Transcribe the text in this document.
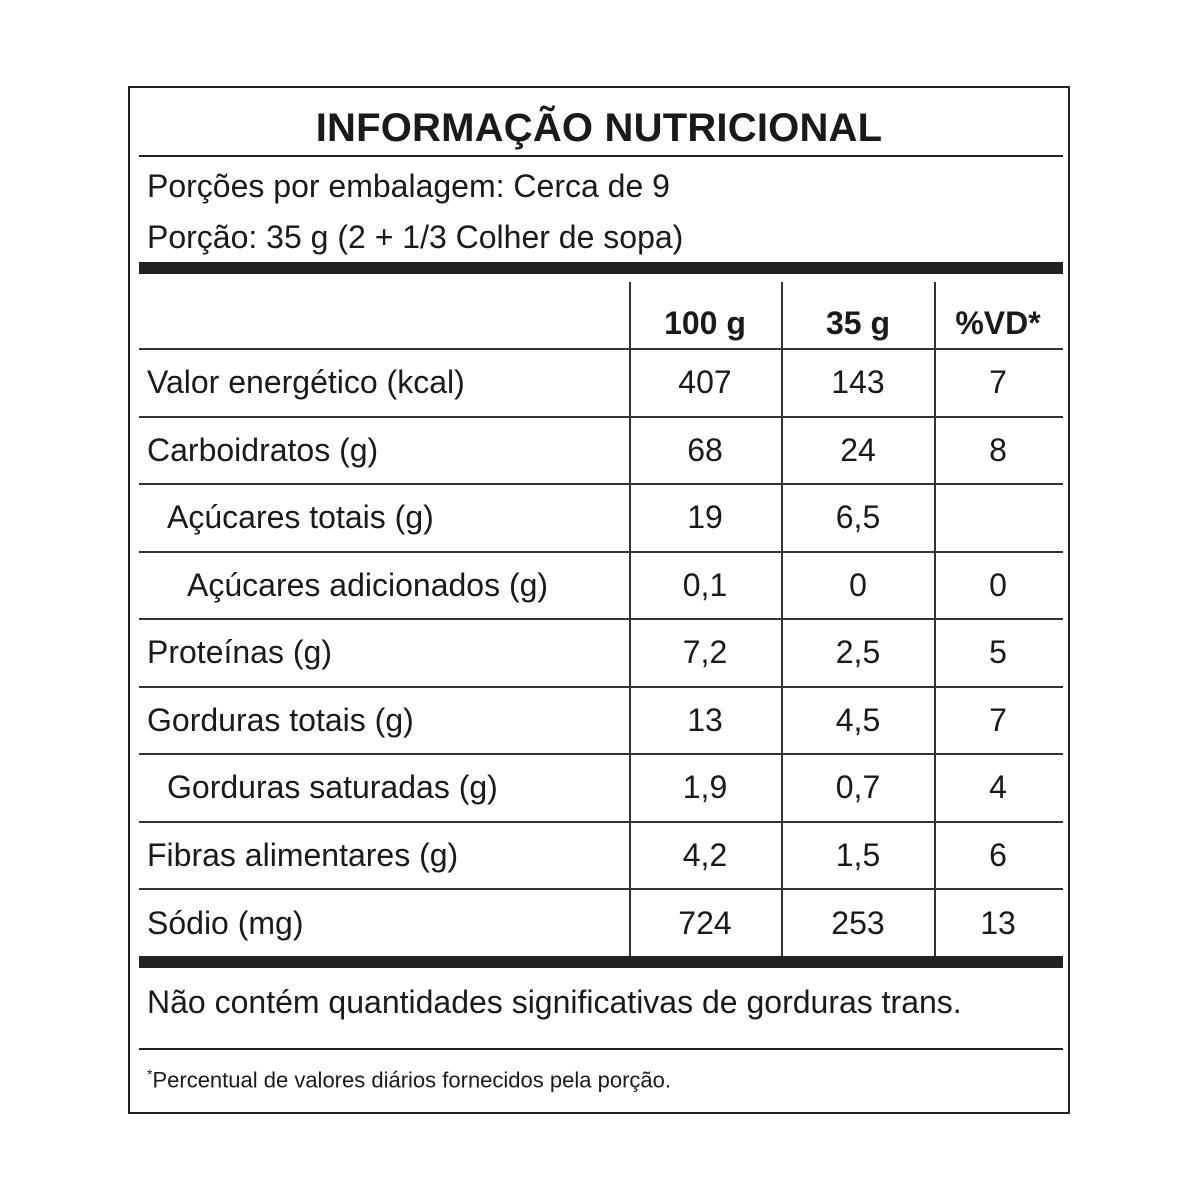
INFORMAÇÃO NUTRICIONAL
Porções por embalagem: Cerca de 9
Porção: 35 g (2 + 1/3 Colher de sopa)
100 g	35 g	%VD*
Valor energético (kcal)	407	143	7
Carboidratos (g)	68	24	8
Açúcares totais (g)	19	6,5
Açúcares adicionados (g)	0,1	0	0
Proteínas (g)	7,2	2,5	5
Gorduras totais (g)	13	4,5	7
Gorduras saturadas (g)	1,9	0,7	4
Fibras alimentares (g)	4,2	1,5	6
Sódio (mg)	724	253	13
Não contém quantidades significativas de gorduras trans.
*Percentual de valores diários fornecidos pela porção.
